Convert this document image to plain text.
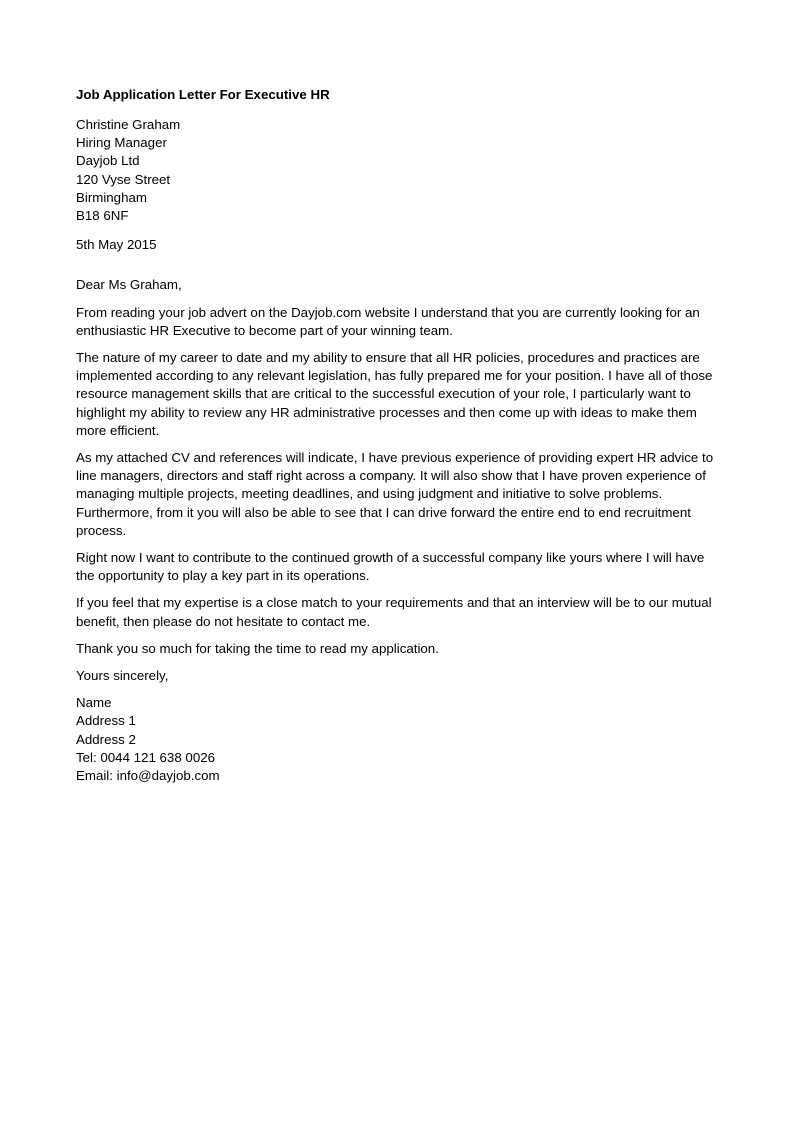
Job Application Letter For Executive HR
Christine Graham
Hiring Manager
Dayjob Ltd
120 Vyse Street
Birmingham
B18 6NF
5th May 2015
Dear Ms Graham,
From reading your job advert on the Dayjob.com website I understand that you are currently looking for an
enthusiastic HR Executive to become part of your winning team.
The nature of my career to date and my ability to ensure that all HR policies, procedures and practices are
implemented according to any relevant legislation, has fully prepared me for your position. I have all of those
resource management skills that are critical to the successful execution of your role, I particularly want to
highlight my ability to review any HR administrative processes and then come up with ideas to make them
more efficient.
As my attached CV and references will indicate, I have previous experience of providing expert HR advice to
line managers, directors and staff right across a company. It will also show that I have proven experience of
managing multiple projects, meeting deadlines, and using judgment and initiative to solve problems.
Furthermore, from it you will also be able to see that I can drive forward the entire end to end recruitment
process.
Right now I want to contribute to the continued growth of a successful company like yours where I will have
the opportunity to play a key part in its operations.
If you feel that my expertise is a close match to your requirements and that an interview will be to our mutual
benefit, then please do not hesitate to contact me.
Thank you so much for taking the time to read my application.
Yours sincerely,
Name
Address 1
Address 2
Tel: 0044 121 638 0026
Email: info@dayjob.com
